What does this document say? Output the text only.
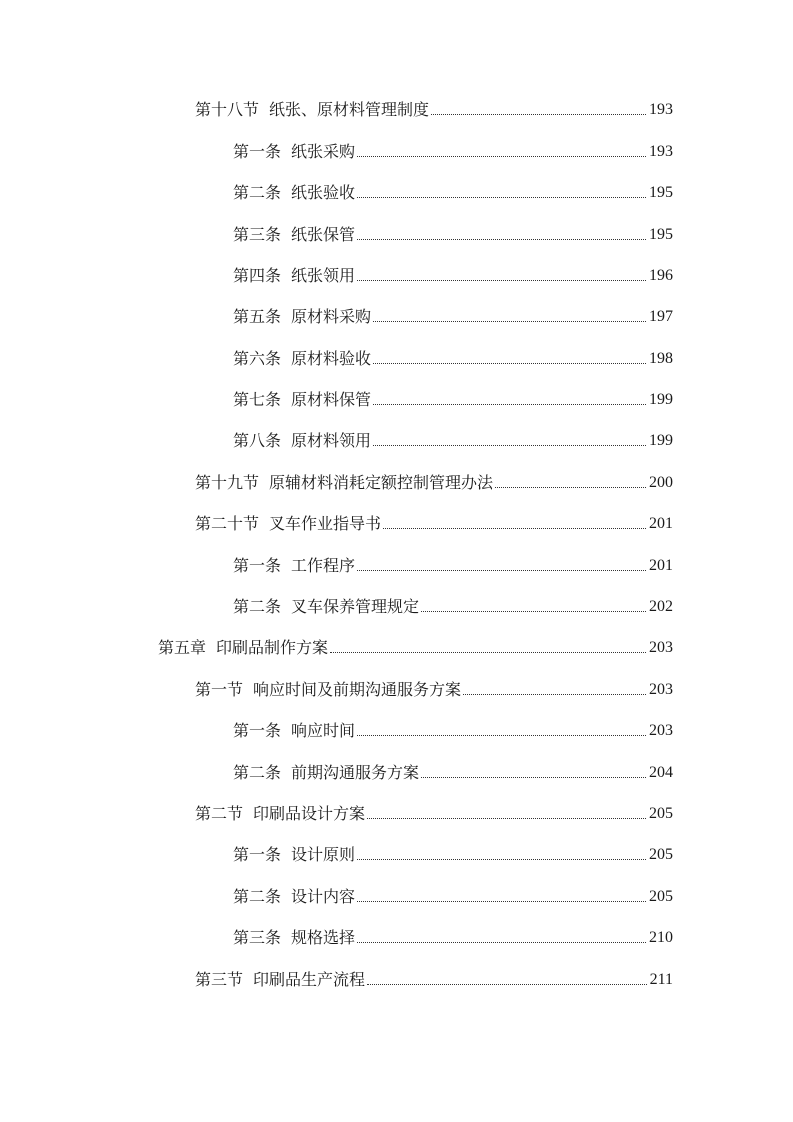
第十八节 纸张、原材料管理制度	193
第一条 纸张采购	193
第二条 纸张验收	195
第三条 纸张保管	195
第四条 纸张领用	196
第五条 原材料采购	197
第六条 原材料验收	198
第七条 原材料保管	199
第八条 原材料领用	199
第十九节 原辅材料消耗定额控制管理办法	200
第二十节 叉车作业指导书	201
第一条 工作程序	201
第二条 叉车保养管理规定	202
第五章 印刷品制作方案	203
第一节 响应时间及前期沟通服务方案	203
第一条 响应时间	203
第二条 前期沟通服务方案	204
第二节 印刷品设计方案	205
第一条 设计原则	205
第二条 设计内容	205
第三条 规格选择	210
第三节 印刷品生产流程	211
